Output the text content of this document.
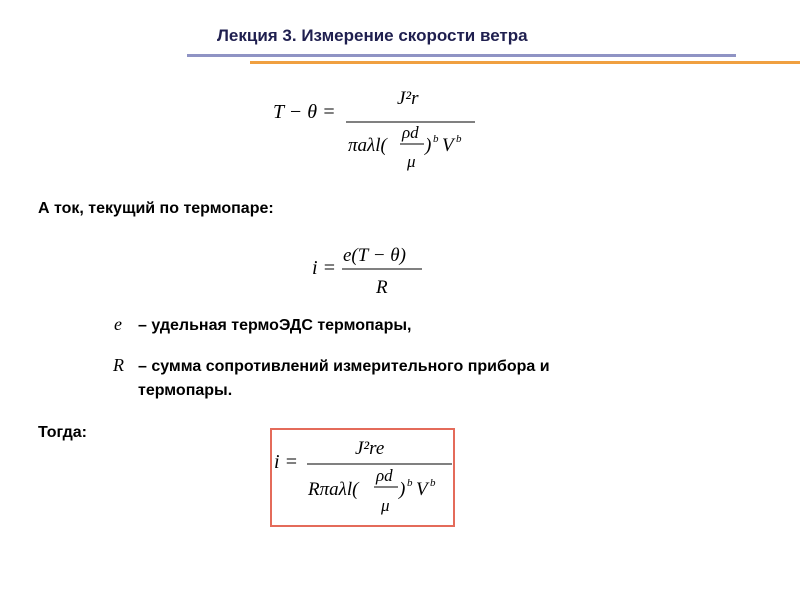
Лекция 3. Измерение скорости ветра
T − θ =
J²r
πaλl(
ρd
μ
) b V b
А ток, текущий по термопаре:
i =
e(T − θ)
R
e – удельная термоЭДС термопары,
R – сумма сопротивлений измерительного прибора и
термопары.
Тогда:
i =
J²re
Rπaλl(
ρd
μ
) b V b
